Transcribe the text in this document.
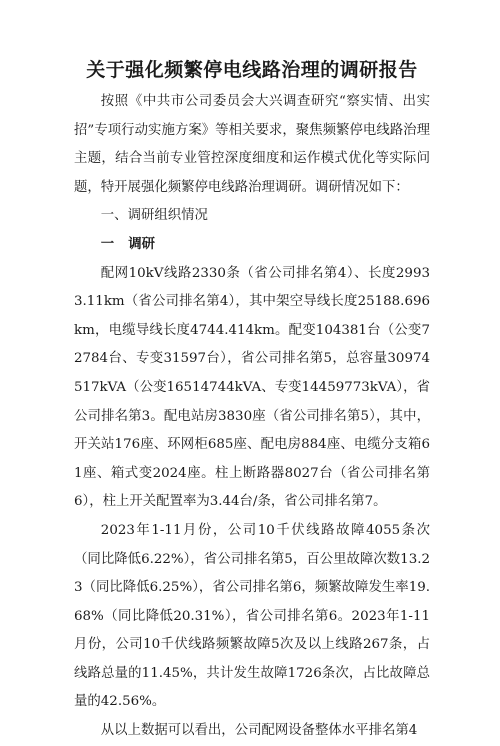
关于强化频繁停电线路治理的调研报告

按照《中共市公司委员会大兴调查研究“察实情、出实招”专项行动实施方案》等相关要求，聚焦频繁停电线路治理主题，结合当前专业管控深度细度和运作模式优化等实际问题，特开展强化频繁停电线路治理调研。调研情况如下：

一、调研组织情况

一 调研

配网10kV线路2330条（省公司排名第4）、长度29933.11km（省公司排名第4），其中架空导线长度25188.696km，电缆导线长度4744.414km。配变104381台（公变72784台、专变31597台），省公司排名第5，总容量30974517kVA（公变16514744kVA、专变14459773kVA），省公司排名第3。配电站房3830座（省公司排名第5），其中，开关站176座、环网柜685座、配电房884座、电缆分支箱61座、箱式变2024座。柱上断路器8027台（省公司排名第6），柱上开关配置率为3.44台/条，省公司排名第7。

2023年1-11月份，公司10千伏线路故障4055条次（同比降低6.22%），省公司排名第5，百公里故障次数13.23（同比降低6.25%），省公司排名第6，频繁故障发生率19.68%（同比降低20.31%），省公司排名第6。2023年1-11月份，公司10千伏线路频繁故障5次及以上线路267条，占线路总量的11.45%，共计发生故障1726条次，占比故障总量的42.56%。

从以上数据可以看出，公司配网设备整体水平排名第4
